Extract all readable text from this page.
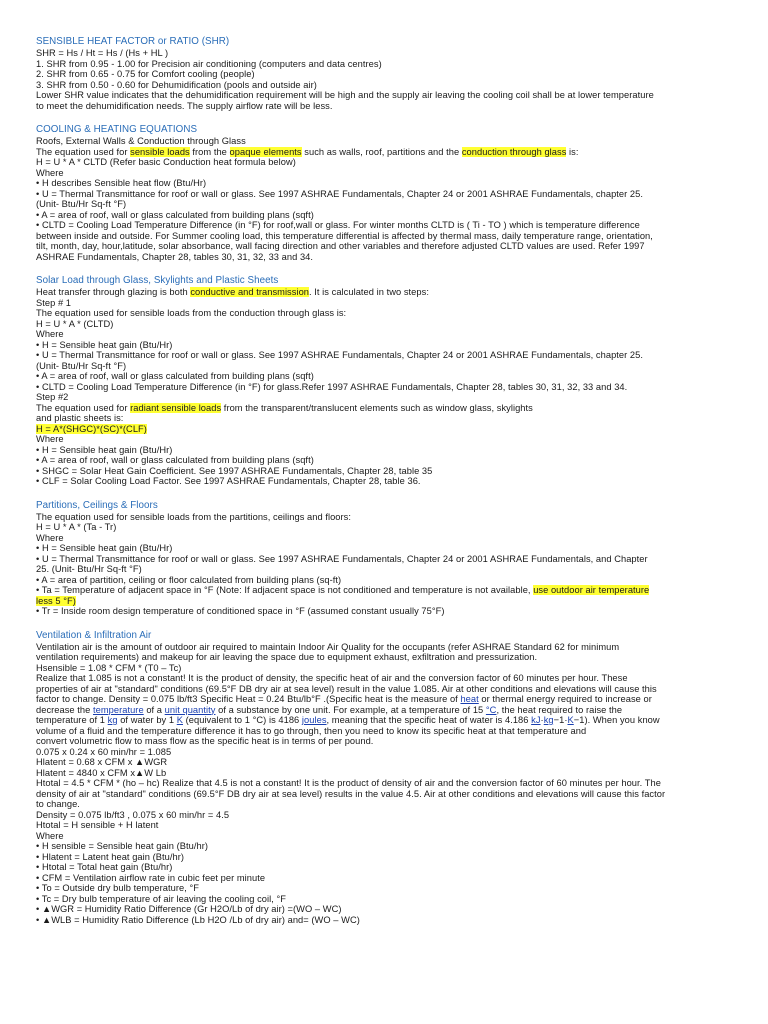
SENSIBLE HEAT FACTOR or RATIO (SHR)
SHR = Hs / Ht = Hs / (Hs + HL )
1. SHR from 0.95 - 1.00 for Precision air conditioning (computers and data centres)
2. SHR from 0.65 - 0.75 for Comfort cooling (people)
3. SHR from 0.50 - 0.60 for Dehumidification (pools and outside air)
Lower SHR value indicates that the dehumidification requirement will be high and the supply air leaving the cooling coil shall be at lower temperature
to meet the dehumidification needs. The supply airflow rate will be less.
COOLING & HEATING EQUATIONS
Roofs, External Walls & Conduction through Glass
The equation used for sensible loads from the opaque elements such as walls, roof, partitions and the conduction through glass is:
H = U * A * CLTD (Refer basic Conduction heat formula below)
Where
• H describes Sensible heat flow (Btu/Hr)
• U = Thermal Transmittance for roof or wall or glass. See 1997 ASHRAE Fundamentals, Chapter 24 or 2001 ASHRAE Fundamentals, chapter 25.
(Unit- Btu/Hr Sq-ft °F)
• A = area of roof, wall or glass calculated from building plans (sqft)
• CLTD = Cooling Load Temperature Difference (in °F) for roof,wall or glass. For winter months CLTD is ( Ti - TO ) which is temperature difference
between inside and outside. For Summer cooling load, this temperature differential is affected by thermal mass, daily temperature range, orientation,
tilt, month, day, hour,latitude, solar absorbance, wall facing direction and other variables and therefore adjusted CLTD values are used. Refer 1997
ASHRAE Fundamentals, Chapter 28, tables 30, 31, 32, 33 and 34.
Solar Load through Glass, Skylights and Plastic Sheets
Heat transfer through glazing is both conductive and transmission. It is calculated in two steps:
Step # 1
The equation used for sensible loads from the conduction through glass is:
H = U * A * (CLTD)
Where
• H = Sensible heat gain (Btu/Hr)
• U = Thermal Transmittance for roof or wall or glass. See 1997 ASHRAE Fundamentals, Chapter 24 or 2001 ASHRAE Fundamentals, chapter 25.
(Unit- Btu/Hr Sq-ft °F)
• A = area of roof, wall or glass calculated from building plans (sqft)
• CLTD = Cooling Load Temperature Difference (in °F) for glass.Refer 1997 ASHRAE Fundamentals, Chapter 28, tables 30, 31, 32, 33 and 34.
Step #2
The equation used for radiant sensible loads from the transparent/translucent elements such as window glass, skylights
and plastic sheets is:
H = A*(SHGC)*(SC)*(CLF)
Where
• H = Sensible heat gain (Btu/Hr)
• A = area of roof, wall or glass calculated from building plans (sqft)
• SHGC = Solar Heat Gain Coefficient. See 1997 ASHRAE Fundamentals, Chapter 28, table 35
• CLF = Solar Cooling Load Factor. See 1997 ASHRAE Fundamentals, Chapter 28, table 36.
Partitions, Ceilings & Floors
The equation used for sensible loads from the partitions, ceilings and floors:
H = U * A * (Ta - Tr)
Where
• H = Sensible heat gain (Btu/Hr)
• U = Thermal Transmittance for roof or wall or glass. See 1997 ASHRAE Fundamentals, Chapter 24 or 2001 ASHRAE Fundamentals, and Chapter
25. (Unit- Btu/Hr Sq-ft °F)
• A = area of partition, ceiling or floor calculated from building plans (sq-ft)
• Ta = Temperature of adjacent space in °F (Note: If adjacent space is not conditioned and temperature is not available, use outdoor air temperature
less 5 °F)
• Tr = Inside room design temperature of conditioned space in °F (assumed constant usually 75°F)
Ventilation & Infiltration Air
Ventilation air is the amount of outdoor air required to maintain Indoor Air Quality for the occupants (refer ASHRAE Standard 62 for minimum
ventilation requirements) and makeup for air leaving the space due to equipment exhaust, exfiltration and pressurization.
Hsensible = 1.08 * CFM * (T0 – Tc)
Realize that 1.085 is not a constant! It is the product of density, the specific heat of air and the conversion factor of 60 minutes per hour. These
properties of air at "standard" conditions (69.5°F DB dry air at sea level) result in the value 1.085. Air at other conditions and elevations will cause this
factor to change. Density = 0.075 lb/ft3 Specific Heat = 0.24 Btu/lb°F .(Specific heat is the measure of heat or thermal energy required to increase or
decrease the temperature of a unit quantity of a substance by one unit. For example, at a temperature of 15 °C, the heat required to raise the
temperature of 1 kg of water by 1 K (equivalent to 1 °C) is 4186 joules, meaning that the specific heat of water is 4.186 kJ·kg−1·K−1). When you know
volume of a fluid and the temperature difference it has to go through, then you need to know its specific heat at that temperature and
convert volumetric flow to mass flow as the specific heat is in terms of per pound.
0.075 x 0.24 x 60 min/hr = 1.085
Hlatent = 0.68 x CFM x ▲WGR
Hlatent = 4840 x CFM x▲W Lb
Htotal = 4.5 * CFM * (ho – hc) Realize that 4.5 is not a constant! It is the product of density of air and the conversion factor of 60 minutes per hour. The
density of air at "standard" conditions (69.5°F DB dry air at sea level) results in the value 4.5. Air at other conditions and elevations will cause this factor
to change.
Density = 0.075 lb/ft3 , 0.075 x 60 min/hr = 4.5
Htotal = H sensible + H latent
Where
• H sensible = Sensible heat gain (Btu/hr)
• Hlatent = Latent heat gain (Btu/hr)
• Htotal = Total heat gain (Btu/hr)
• CFM = Ventilation airflow rate in cubic feet per minute
• To = Outside dry bulb temperature, °F
• Tc = Dry bulb temperature of air leaving the cooling coil, °F
• ▲WGR = Humidity Ratio Difference (Gr H2O/Lb of dry air) =(WO – WC)
• ▲WLB = Humidity Ratio Difference (Lb H2O /Lb of dry air) and= (WO – WC)
